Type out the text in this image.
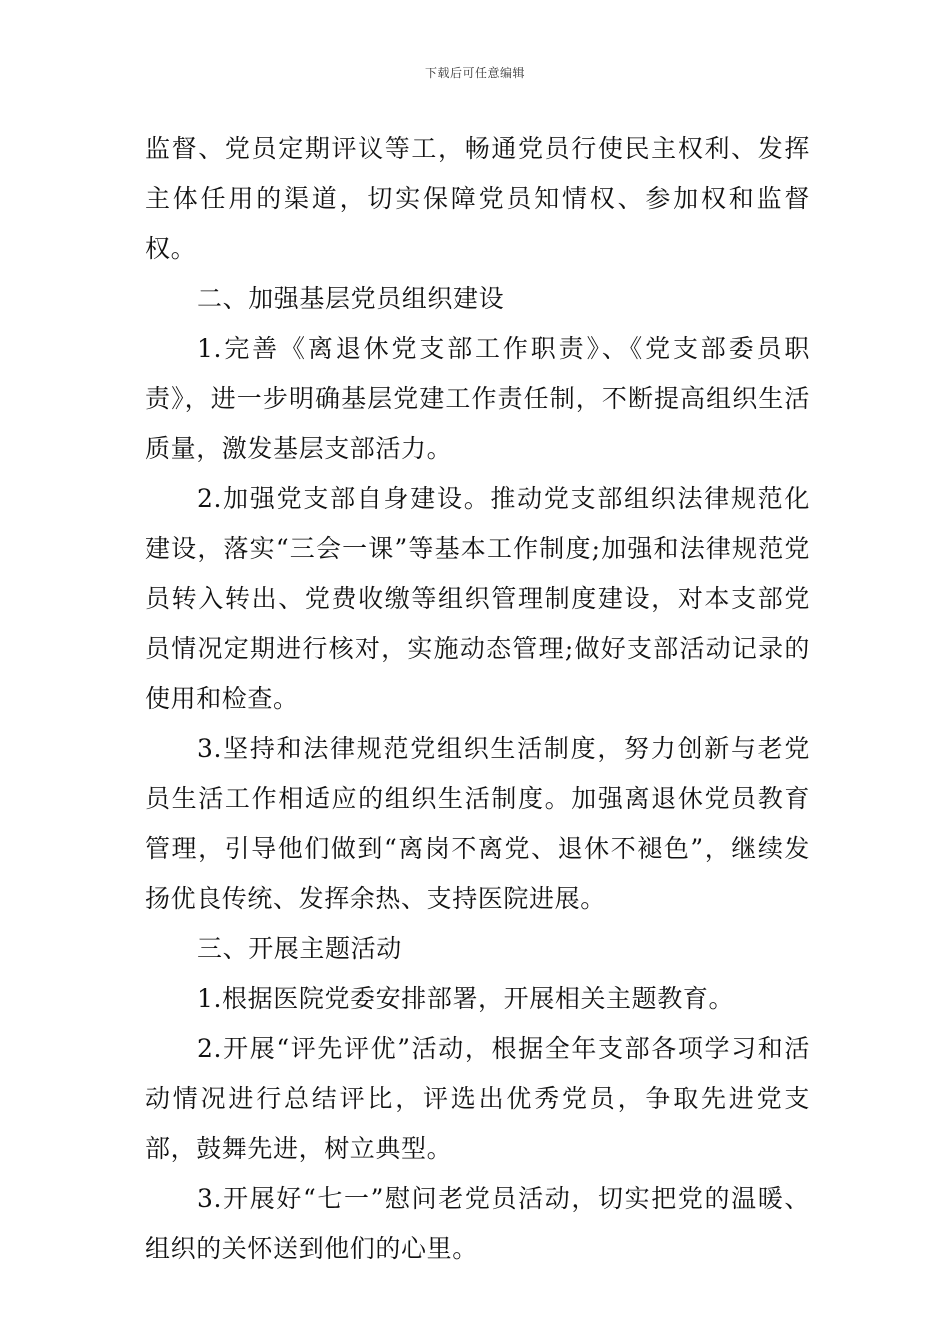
下载后可任意编辑

监督、党员定期评议等工，畅通党员行使民主权利、发挥主体任用的渠道，切实保障党员知情权、参加权和监督权。

二、加强基层党员组织建设

1.完善《离退休党支部工作职责》、《党支部委员职责》，进一步明确基层党建工作责任制，不断提高组织生活质量，激发基层支部活力。

2.加强党支部自身建设。推动党支部组织法律规范化建设，落实“三会一课”等基本工作制度;加强和法律规范党员转入转出、党费收缴等组织管理制度建设，对本支部党员情况定期进行核对，实施动态管理;做好支部活动记录的使用和检查。

3.坚持和法律规范党组织生活制度，努力创新与老党员生活工作相适应的组织生活制度。加强离退休党员教育管理，引导他们做到“离岗不离党、退休不褪色”，继续发扬优良传统、发挥余热、支持医院进展。

三、开展主题活动

1.根据医院党委安排部署，开展相关主题教育。

2.开展“评先评优”活动，根据全年支部各项学习和活动情况进行总结评比，评选出优秀党员，争取先进党支部，鼓舞先进，树立典型。

3.开展好“七一”慰问老党员活动，切实把党的温暖、组织的关怀送到他们的心里。
